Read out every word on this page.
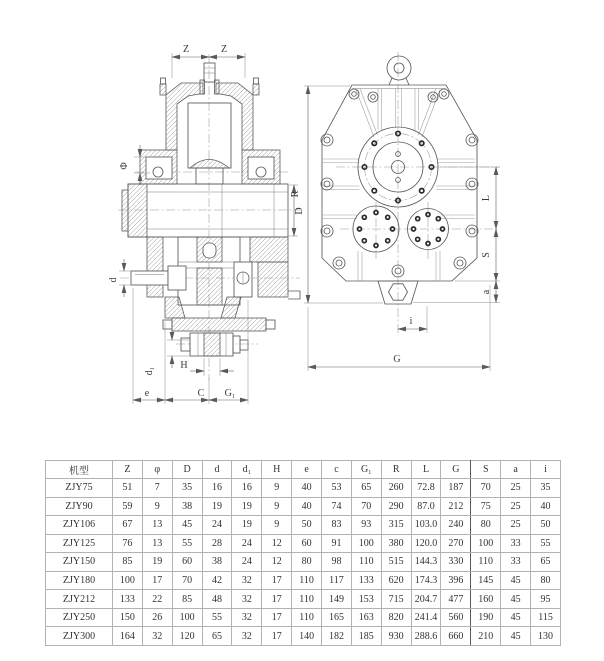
Z	Z
Φ
D
d
d₁	H
e	C G₁
R
L
S
a
i
G
机型	Z	φ	D	d	d₁	H	e	c	G₁	R	L	G	S	a	i
ZJY75	51	7	35	16	16	9	40	53	65	260	72.8	187	70	25	35
ZJY90	59	9	38	19	19	9	40	74	70	290	87.0	212	75	25	40
ZJY106	67	13	45	24	19	9	50	83	93	315	103.0	240	80	25	50
ZJY125	76	13	55	28	24	12	60	91	100	380	120.0	270	100	33	55
ZJY150	85	19	60	38	24	12	80	98	110	515	144.3	330	110	33	65
ZJY180	100	17	70	42	32	17	110	117	133	620	174.3	396	145	45	80
ZJY212	133	22	85	48	32	17	110	149	153	715	204.7	477	160	45	95
ZJY250	150	26	100	55	32	17	110	165	163	820	241.4	560	190	45	115
ZJY300	164	32	120	65	32	17	140	182	185	930	288.6	660	210	45	130
